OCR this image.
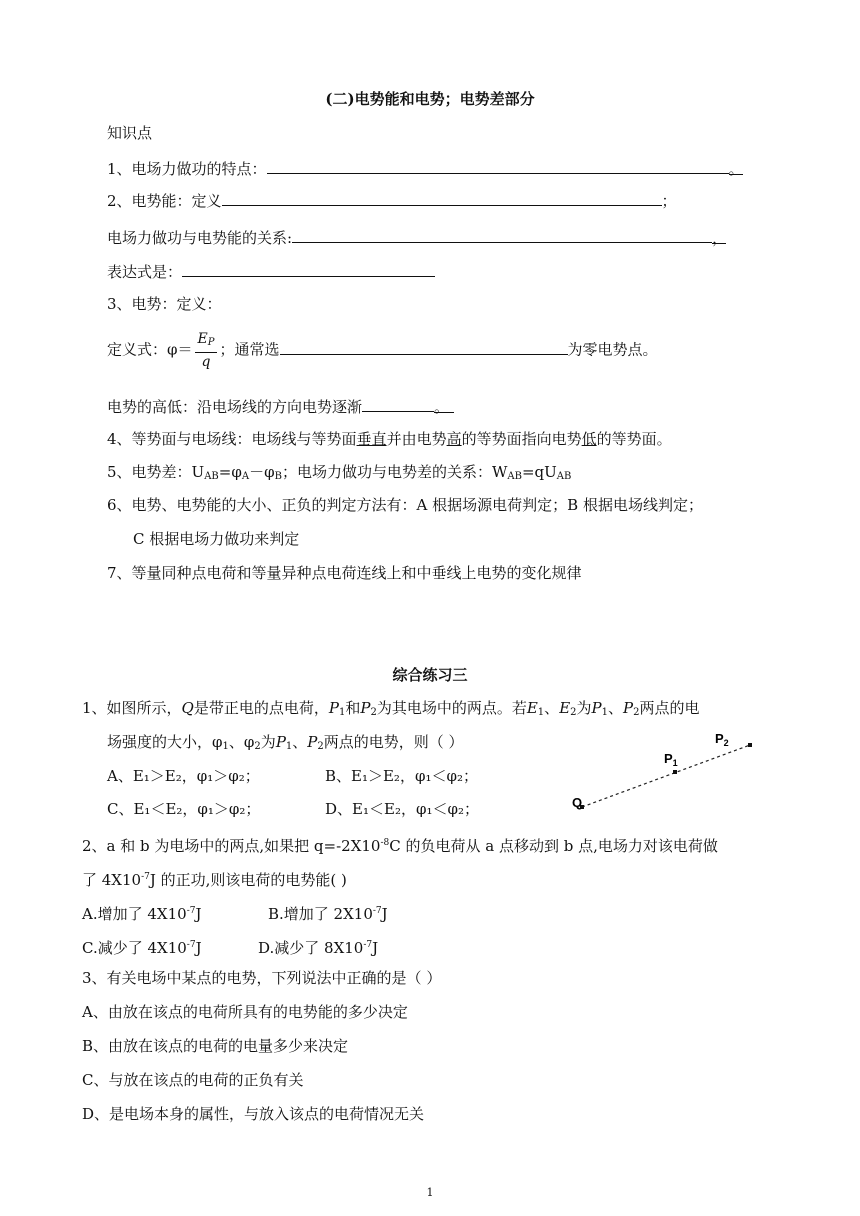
(二)电势能和电势；电势差部分
知识点
1、电场力做功的特点：	。
2、电势能：定义	；
电场力做功与电势能的关系:	，
表达式是：
3、电势：定义：
定义式：$\varphi= \frac{E_P}{q}$ ；通常选	为零电势点。
电势的高低：沿电场线的方向电势逐渐	。
4、等势面与电场线：电场线与等势面垂直并由电势高的等势面指向电势低的等势面。
5、电势差：$U_{AB}=\varphi_A-\varphi_B$；电场力做功与电势差的关系：$W_{AB}=qU_{AB}$
6、电势、电势能的大小、正负的判定方法有：A 根据场源电荷判定；B 根据电场线判定；
C 根据电场力做功来判定
7、等量同种点电荷和等量异种点电荷连线上和中垂线上电势的变化规律
综合练习三
1、如图所示，Q是带正电的点电荷，$P_1$和$P_2$为其电场中的两点。若$E_1$、$E_2$为$P_1$、$P_2$两点的电
场强度的大小，$\varphi_1$、$\varphi_2$为$P_1$、$P_2$两点的电势，则（ ）
A、E₁＞E₂，φ₁＞φ₂；	B、E₁＞E₂，φ₁＜φ₂；
C、E₁＜E₂，φ₁＞φ₂；	D、E₁＜E₂，φ₁＜φ₂；	Q
$P_1$
$P_2$
2、a 和 b 为电场中的两点,如果把 $q=-2X10^{-8}C$ 的负电荷从 a 点移动到 b 点,电场力对该电荷做
了 $4X10^{-7}J$ 的正功,则该电荷的电势能( )
A.增加了 $4X10^{-7}J$	B.增加了 $2X10^{-7}J$
C.减少了 $4X10^{-7}J$	D.减少了 $8X10^{-7}J$
3、有关电场中某点的电势，下列说法中正确的是（ ）
A、由放在该点的电荷所具有的电势能的多少决定
B、由放在该点的电荷的电量多少来决定
C、与放在该点的电荷的正负有关
D、是电场本身的属性，与放入该点的电荷情况无关
1
